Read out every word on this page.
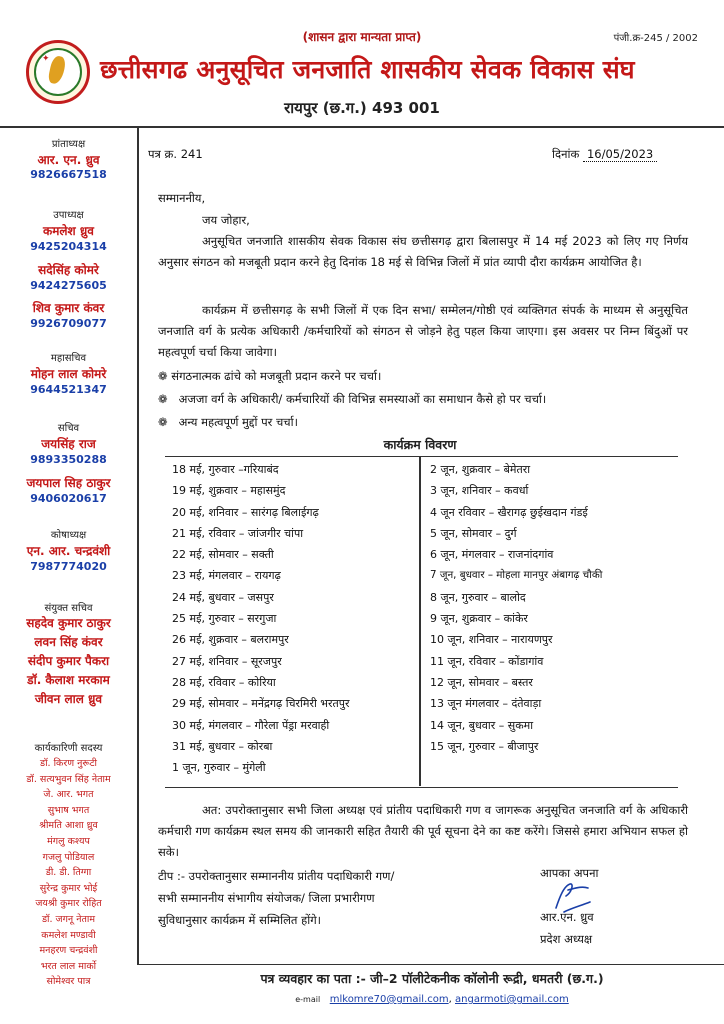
(शासन द्वारा मान्यता प्राप्त)	पंजी.क्र-245 / 2002
✦ छत्तीसगढ अनुसूचित जनजाति शासकीय सेवक विकास संघ
रायपुर (छ.ग.) 493 001
प्रांताध्यक्ष
आर. एन. ध्रुव
9826667518
उपाध्यक्ष
कमलेश ध्रुव
9425204314
सदेसिंह कोमरे
9424275605
शिव कुमार कंवर
9926709077
महासचिव
मोहन लाल कोमरे
9644521347
सचिव
जयसिंह राज
9893350288
जयपाल सिह ठाकुर
9406020617
कोषाध्यक्ष
एन. आर. चन्द्रवंशी
7987774020
संयुक्त सचिव
सहदेव कुमार ठाकुर
लवन सिंह कंवर
संदीप कुमार पैकरा
डॉ. कैलाश मरकाम
जीवन लाल ध्रुव
कार्यकारिणी सदस्य
डॉ. किरण नुरूटी
डॉ. सत्यभुवन सिंह नेताम
जे. आर. भगत
सुभाष भगत
श्रीमति आशा ध्रुव
मंगलु कश्यप
गजलु पोडियाल
डी. डी. तिग्गा
सुरेन्द्र कुमार भोई
जयश्री कुमार रोहित
डॉ. जगनू नेताम
कमलेश मण्डावी
मनहरण चन्द्रवंशी
भरत लाल मार्को
सोमेश्वर पात्र
पत्र क्र. 241	दिनांक 16/05/2023
सम्माननीय,
जय जोहार,

अनुसूचित जनजाति शासकीय सेवक विकास संघ छत्तीसगढ़ द्वारा बिलासपुर में 14 मई 2023 को लिए गए निर्णय अनुसार संगठन को मजबूती प्रदान करने हेतु दिनांक 18 मई से विभिन्न जिलों में प्रांत व्यापी दौरा कार्यक्रम आयोजित है।

कार्यक्रम में छत्तीसगढ़ के सभी जिलों में एक दिन सभा/ सम्मेलन/गोष्ठी एवं व्यक्तिगत संपर्क के माध्यम से अनुसूचित जनजाति वर्ग के प्रत्येक अधिकारी /कर्मचारियों को संगठन से जोड़ने हेतु पहल किया जाएगा। इस अवसर पर निम्न बिंदुओं पर महत्वपूर्ण चर्चा किया जावेगा।

❁ संगठनात्मक ढांचे को मजबूती प्रदान करने पर चर्चा।
❁ अजजा वर्ग के अधिकारी/ कर्मचारियों की विभिन्न समस्याओं का समाधान कैसे हो पर चर्चा।
❁ अन्य महत्वपूर्ण मुद्दों पर चर्चा।
कार्यक्रम विवरण
18 मई, गुरुवार –गरियाबंद
19 मई, शुक्रवार – महासमुंद
20 मई, शनिवार – सारंगढ़ बिलाईगढ़
21 मई, रविवार – जांजगीर चांपा
22 मई, सोमवार – सक्ती
23 मई, मंगलवार – रायगढ़
24 मई, बुधवार – जसपुर
25 मई, गुरुवार – सरगुजा
26 मई, शुक्रवार – बलरामपुर
27 मई, शनिवार – सूरजपुर
28 मई, रविवार – कोरिया
29 मई, सोमवार – मनेंद्रगढ़ चिरमिरी भरतपुर
30 मई, मंगलवार – गौरेला पेंड्रा मरवाही
31 मई, बुधवार – कोरबा
1 जून, गुरुवार – मुंगेली
2 जून, शुक्रवार – बेमेतरा
3 जून, शनिवार – कवर्धा
4 जून रविवार – खैरागढ़ छुईखदान गंडई
5 जून, सोमवार – दुर्ग
6 जून, मंगलवार – राजनांदगांव
7 जून, बुधवार – मोहला मानपुर अंबागढ़ चौकी
8 जून, गुरुवार – बालोद
9 जून, शुक्रवार – कांकेर
10 जून, शनिवार – नारायणपुर
11 जून, रविवार – कोंडागांव
12 जून, सोमवार – बस्तर
13 जून मंगलवार – दंतेवाड़ा
14 जून, बुधवार – सुकमा
15 जून, गुरुवार – बीजापुर

अत: उपरोक्तानुसार सभी जिला अध्यक्ष एवं प्रांतीय पदाधिकारी गण व जागरूक अनुसूचित जनजाति वर्ग के अधिकारी कर्मचारी गण कार्यक्रम स्थल समय की जानकारी सहित तैयारी की पूर्व सूचना देने का कष्ट करेंगे। जिससे हमारा अभियान सफल हो सके।

टीप :- उपरोक्तानुसार सम्माननीय प्रांतीय पदाधिकारी गण/
सभी सम्माननीय संभागीय संयोजक/ जिला प्रभारीगण
सुविधानुसार कार्यक्रम में सम्मिलित होंगे।
आपका अपना
आर.एन. ध्रुव
प्रदेश अध्यक्ष
पत्र व्यवहार का पता :- जी–2 पॉलीटेकनीक कॉलोनी रूद्री, धमतरी (छ.ग.)
e-mail mlkomre70@gmail.com, angarmoti@gmail.com
